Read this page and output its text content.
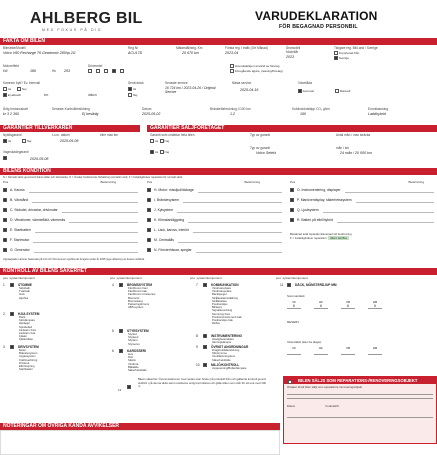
AHLBERG BIL
MED FOKUS PÅ DIG
VARUDEKLARATION
FÖR BEGAGNAD PERSONBIL
FAKTA OM BILEN
Bilmärke/Modell
Volvo V60 Recharge T6 Geartronic 280hp 2G
Reg.Nr
ACU17D
Mätarställning, Km
20 670 km
Första reg. i trafik (Ort Månad)
2023-04
Årsmodell Modellår
2023
Tidigare reg. Bil/Land / Sverige
Importerad från
Sverige
Motoreffekt
kW	186	Hk 253
Drivmedel	Huvudsakligen använd av företag
Föregående ägare, (leasing/företag)
Kamrem bytt? Ev. intervall
Ja	Nej
Ej aktuellt	km	datum
Servicebok
Ja
Nej
Senaste service
16 724 km / 2023-04-26 / Original Service
Nästa service
2025-04-16
Växellåda
Automat	Manuell
Årlig fordonsskatt
kr 3 2 360
Senaste Kontrollbesiktning
Ej besiktig
Datum
2025-05-02
Bränsleförbrukning, l/100 km
1.2
Koldioxidutsläpp CO₂ g/km
160
Euroklassning
Laddhybrid
GARANTIER TILLVERKAREN	GARANTIER SÄLJFÖRETAGET
Nybilsgaranti
Ja	Nej
t.o.m. datum
2025-05-08
eller max km
Vagnskadegaranti
2026-05-08
Garanti som omfattar hela bilen
Ja Nej
Typ av garanti	Antal mån / max sträcka
Ja Nej
Typ av garanti
Volvo Selekt
mån / km
24 mån / 20 000 km
BILENS KONDITION
N = Normalt skick genomsnit bilens ålder och körsträcka, O = Önskar funktion/viss förbättring (anmärkt med), F = Felaktig/kräver reparation för normalt skick
Pos	Beskrivning
A. Kaross
B. Vävstånd
C. Stolsdel, drivaxlar, drivknutar
D. Vibrationer, vämnefläkt, värmesits
E. Startbatteri
F. Startmotor
G. Generator
Pos	Beskrivning
H. Motor: missljud/läckage
I. Bränslesystem
J. Kylsystem
K. Klimatanläggning
L. Lack, kaross, interiör
M. Centrallås
N. Fönsterhissar, speglar
Pos	Beskrivning
O. Instrumentering, displayer
P. Manöverdisplay, säkerhetssystem
Q. Ljudsystem
R. Batteri på elbil/hybrid
Beräknad total reparationskostnad vid bedömning
F = Felaktig/kräver reparation: Alla h äst Bra
Uppsagsade Läroner baserade på LVI och 3G kommer uppföra att fungera under år 2025 (pga utfasning av dessa mobilnät
KONTROLL AV BILENS SÄKERHET
pos system/komponent	pos system/komponent	pos system/komponent	pos system/komponent
1	STOMME
Sidobalk
Tvärbalk
Golv
Hjulhus
2	HJULSYSTEM
Däck
Stötdämpare
Hjullager
Spindelled
Länkarm fram
Länkarm bak
Fjäder
Fjädertäste
3	DRIVSYSTEM
Motor
Bränslesystem
Avgassystem
Kraftöverföring
Drivknut
Elförsörjning
Startbatteri
4	BROMSSYSTEM
Färdbroms fram
Färdbroms bak
Färdbroms rörelsenes
Bromsrör
Bromsslang
Parkeringsbroms
ABS-system
5	STYRSYSTEM
Styrled
Styrleed
Styrarm
Styrservo
6	KAROSSERI
Huv
Dörr
Skärm
Vindruta
Bältalide
Säkerhetsbälte
7	KOMMUNIKATION
Vindrutetorkare
Vindrutespolare
Backspegel
Strålkastarinställning
Strålkastare
Positionsljus
Blinkers
Signalanordning
Stomning fram
Positionsinstrument bak
Positionsljus bak
Reflex
8	INSTRUMENTERING
Hastighetsmätare
Varningslampor
9	ÖVRIGT ANORDNINGAR
Dragkrok/Elanslutning
Sittutrymme
Ventilationssystem
Säkerhetsbälte
10	MILJÖ/KONTROLL
Avgasrening/Bullerdämpare
11	DÄCK, MÖNSTERDJUP MM
Sommardäck
VF
6
HF
6
VB
6
HB
6
RESERV
Vinterdäck (kan ha diags):
VF	HF	VB	HB
13
Bilens säkerhet: Överensstämmer med nedan utan brister på protokoll från och gällande kontroll genom slutförd i på denna tänkt samt resistance enlig kontrollerat och gälla vilken som står för dd ena med 100 m
BILEN SÄLJS SOM REPARATIONS-/RENOVERINGSOBJEKT
Orsaker till att bilen säljs som reparations-/renoveringsobjekt
Datum	Underskrift
NOTERINGAR OM ÖVRIGA KÄNDA AVVIKELSER
